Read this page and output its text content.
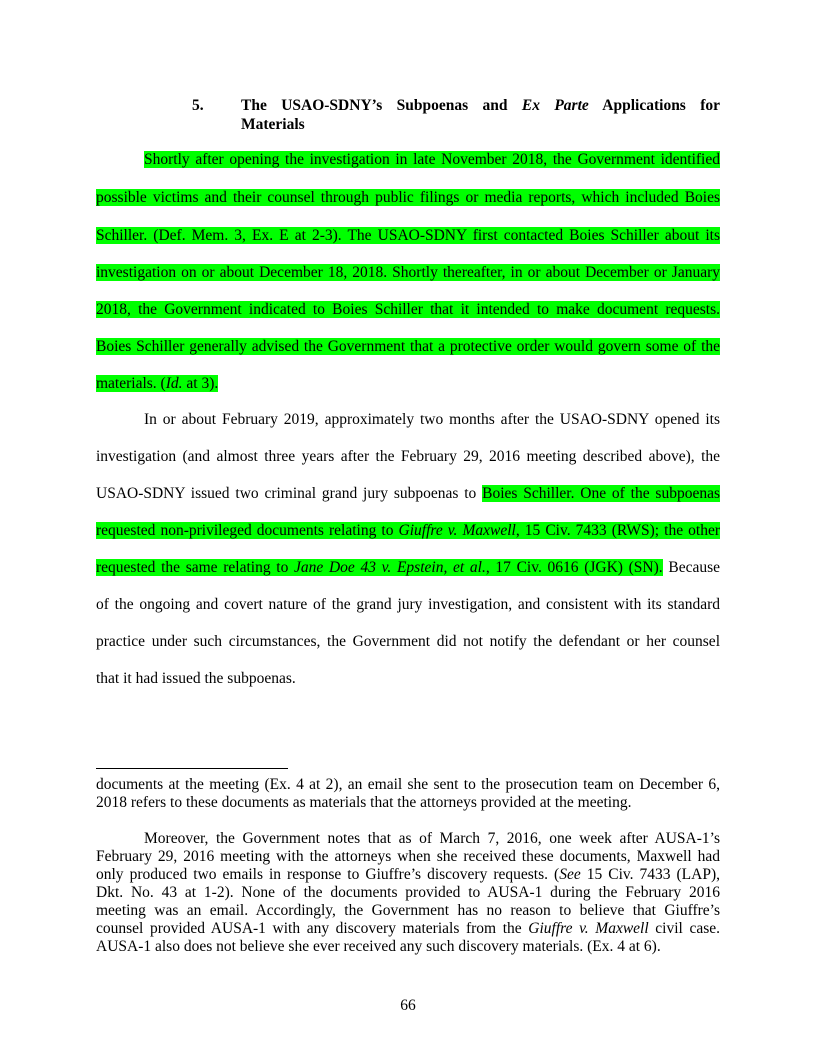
5. The USAO-SDNY’s Subpoenas and Ex Parte Applications for
Materials
Shortly after opening the investigation in late November 2018, the Government identified
possible victims and their counsel through public filings or media reports, which included Boies
Schiller. (Def. Mem. 3, Ex. E at 2-3). The USAO-SDNY first contacted Boies Schiller about its
investigation on or about December 18, 2018. Shortly thereafter, in or about December or January
2018, the Government indicated to Boies Schiller that it intended to make document requests.
Boies Schiller generally advised the Government that a protective order would govern some of the
materials. (Id. at 3).
In or about February 2019, approximately two months after the USAO-SDNY opened its
investigation (and almost three years after the February 29, 2016 meeting described above), the
USAO-SDNY issued two criminal grand jury subpoenas to Boies Schiller. One of the subpoenas
requested non-privileged documents relating to Giuffre v. Maxwell, 15 Civ. 7433 (RWS); the other
requested the same relating to Jane Doe 43 v. Epstein, et al., 17 Civ. 0616 (JGK) (SN). Because
of the ongoing and covert nature of the grand jury investigation, and consistent with its standard
practice under such circumstances, the Government did not notify the defendant or her counsel
that it had issued the subpoenas.
documents at the meeting (Ex. 4 at 2), an email she sent to the prosecution team on December 6,
2018 refers to these documents as materials that the attorneys provided at the meeting.
Moreover, the Government notes that as of March 7, 2016, one week after AUSA-1’s
February 29, 2016 meeting with the attorneys when she received these documents, Maxwell had
only produced two emails in response to Giuffre’s discovery requests. (See 15 Civ. 7433 (LAP),
Dkt. No. 43 at 1-2). None of the documents provided to AUSA-1 during the February 2016
meeting was an email. Accordingly, the Government has no reason to believe that Giuffre’s
counsel provided AUSA-1 with any discovery materials from the Giuffre v. Maxwell civil case.
AUSA-1 also does not believe she ever received any such discovery materials. (Ex. 4 at 6).
66
